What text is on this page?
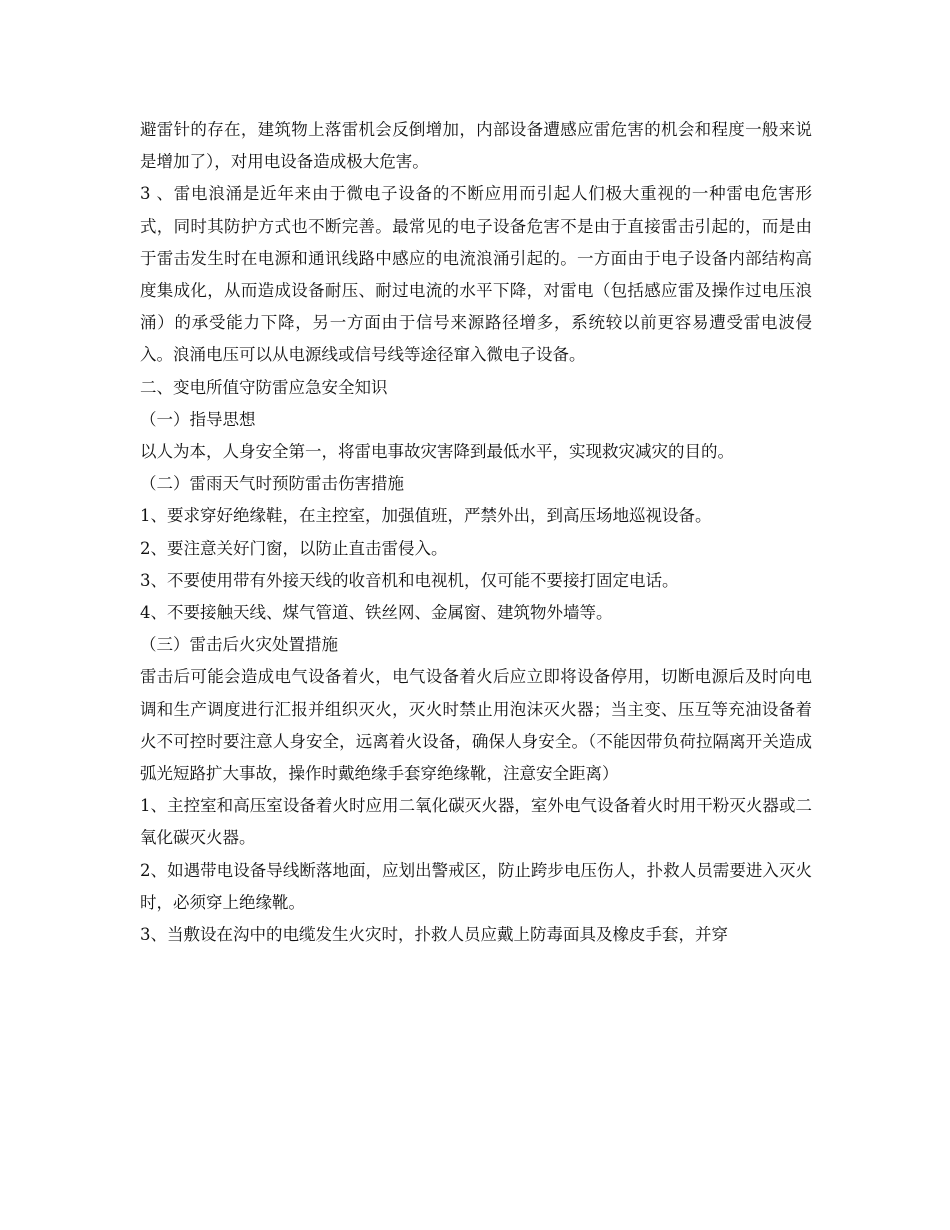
避雷针的存在，建筑物上落雷机会反倒增加，内部设备遭感应雷危害的机会和程度一般来说是增加了），对用电设备造成极大危害。

3 、雷电浪涌是近年来由于微电子设备的不断应用而引起人们极大重视的一种雷电危害形式，同时其防护方式也不断完善。最常见的电子设备危害不是由于直接雷击引起的，而是由于雷击发生时在电源和通讯线路中感应的电流浪涌引起的。一方面由于电子设备内部结构高度集成化，从而造成设备耐压、耐过电流的水平下降，对雷电（包括感应雷及操作过电压浪涌）的承受能力下降，另一方面由于信号来源路径增多，系统较以前更容易遭受雷电波侵入。浪涌电压可以从电源线或信号线等途径窜入微电子设备。

二、变电所值守防雷应急安全知识

（一）指导思想

以人为本，人身安全第一，将雷电事故灾害降到最低水平，实现救灾减灾的目的。

（二）雷雨天气时预防雷击伤害措施

1、要求穿好绝缘鞋，在主控室，加强值班，严禁外出，到高压场地巡视设备。

2、要注意关好门窗，以防止直击雷侵入。

3、不要使用带有外接天线的收音机和电视机，仅可能不要接打固定电话。

4、不要接触天线、煤气管道、铁丝网、金属窗、建筑物外墙等。

（三）雷击后火灾处置措施

雷击后可能会造成电气设备着火，电气设备着火后应立即将设备停用，切断电源后及时向电调和生产调度进行汇报并组织灭火，灭火时禁止用泡沫灭火器；当主变、压互等充油设备着火不可控时要注意人身安全，远离着火设备，确保人身安全。（不能因带负荷拉隔离开关造成弧光短路扩大事故，操作时戴绝缘手套穿绝缘靴，注意安全距离）

1、主控室和高压室设备着火时应用二氧化碳灭火器，室外电气设备着火时用干粉灭火器或二氧化碳灭火器。

2、如遇带电设备导线断落地面，应划出警戒区，防止跨步电压伤人，扑救人员需要进入灭火时，必须穿上绝缘靴。

3、当敷设在沟中的电缆发生火灾时，扑救人员应戴上防毒面具及橡皮手套，并穿
